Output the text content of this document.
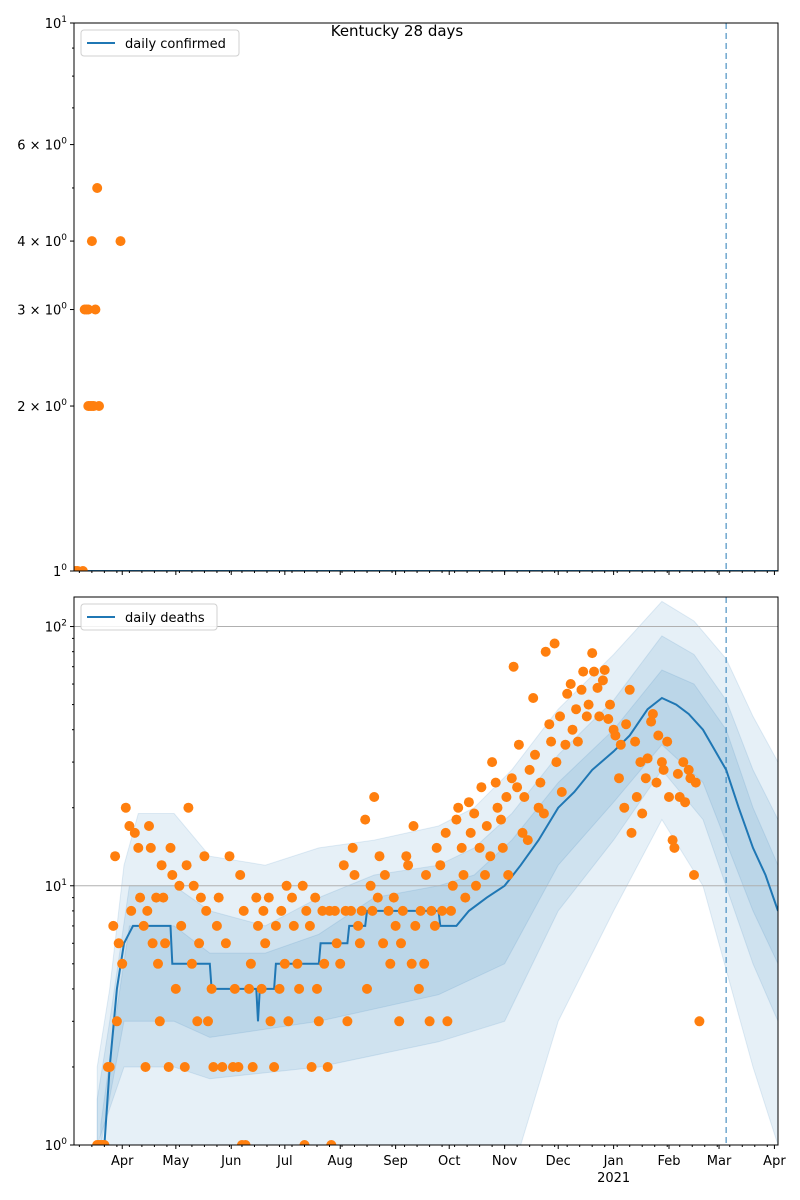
Kentucky 28 days
$1^0$
$2 \times 10^0$
$3 \times 10^0$
$4 \times 10^0$
$6 \times 10^0$
$10^1$
daily confirmed
$10^0$
$10^1$
$10^2$
Apr May Jun	Jul	Aug Sep Oct Nov Dec	Jan	Feb Mar Apr
2021
daily deaths
